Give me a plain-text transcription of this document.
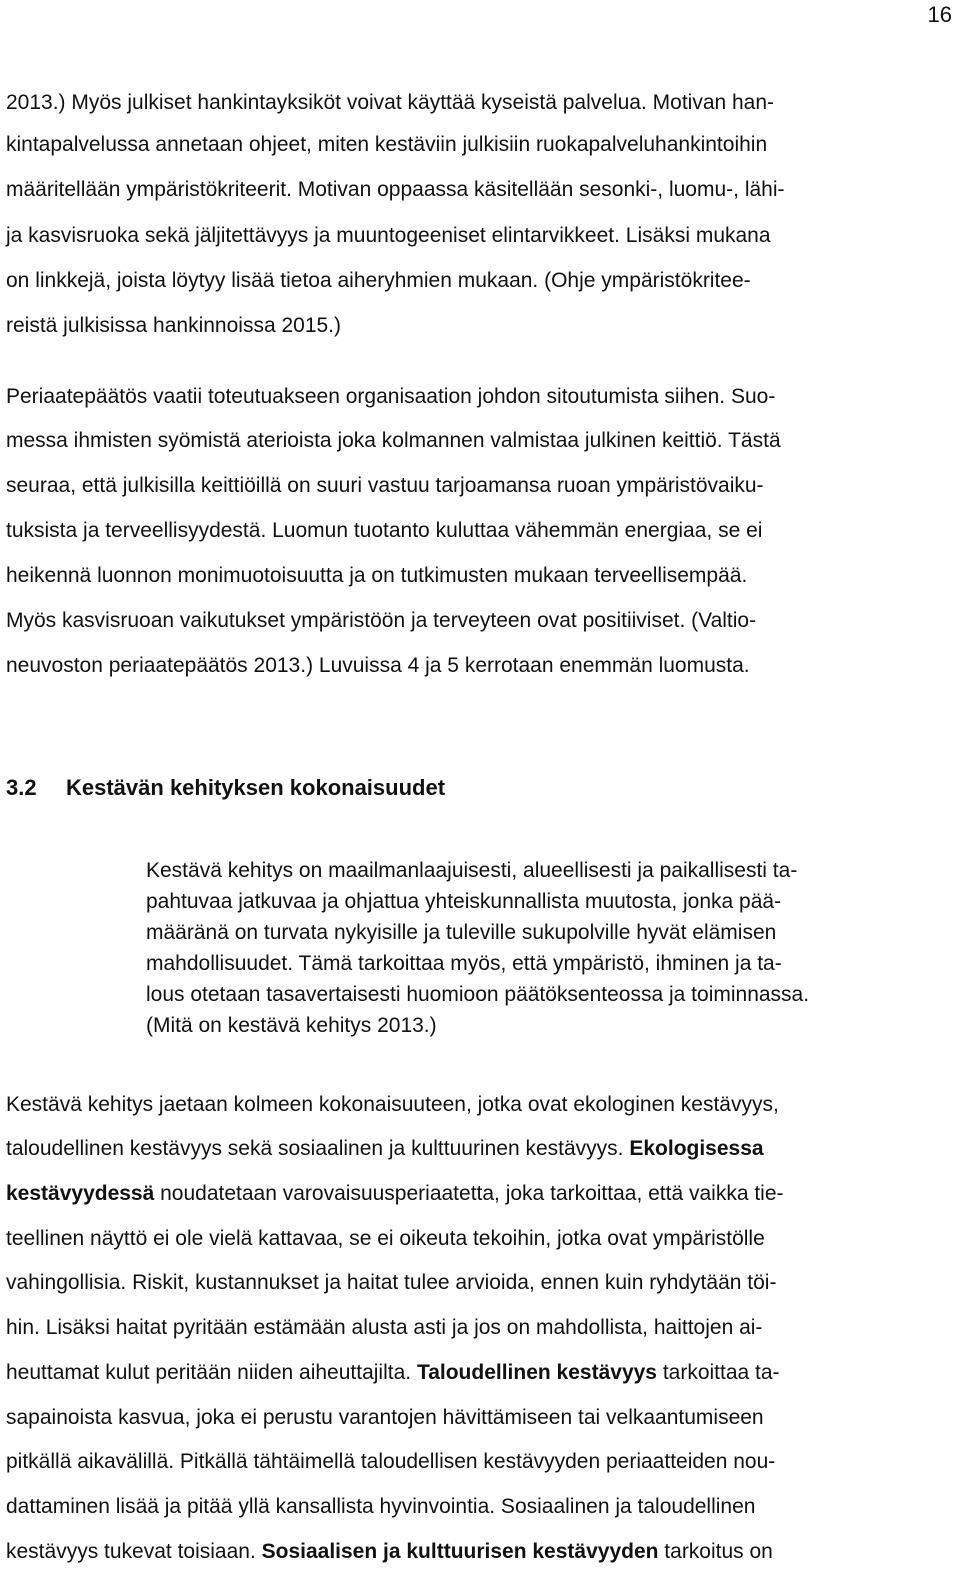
16
2013.) Myös julkiset hankintayksiköt voivat käyttää kyseistä palvelua. Motivan han-
kintapalvelussa annetaan ohjeet, miten kestäviin julkisiin ruokapalveluhankintoihin
määritellään ympäristökriteerit. Motivan oppaassa käsitellään sesonki-, luomu-, lähi-
ja kasvisruoka sekä jäljitettävyys ja muuntogeeniset elintarvikkeet. Lisäksi mukana
on linkkejä, joista löytyy lisää tietoa aiheryhmien mukaan. (Ohje ympäristökritee-
reistä julkisissa hankinnoissa 2015.)
Periaatepäätös vaatii toteutuakseen organisaation johdon sitoutumista siihen. Suo-
messa ihmisten syömistä aterioista joka kolmannen valmistaa julkinen keittiö. Tästä
seuraa, että julkisilla keittiöillä on suuri vastuu tarjoamansa ruoan ympäristövaiku-
tuksista ja terveellisyydestä. Luomun tuotanto kuluttaa vähemmän energiaa, se ei
heikennä luonnon monimuotoisuutta ja on tutkimusten mukaan terveellisempää.
Myös kasvisruoan vaikutukset ympäristöön ja terveyteen ovat positiiviset. (Valtio-
neuvoston periaatepäätös 2013.) Luvuissa 4 ja 5 kerrotaan enemmän luomusta.
3.2 Kestävän kehityksen kokonaisuudet
Kestävä kehitys on maailmanlaajuisesti, alueellisesti ja paikallisesti ta-
pahtuvaa jatkuvaa ja ohjattua yhteiskunnallista muutosta, jonka pää-
määränä on turvata nykyisille ja tuleville sukupolville hyvät elämisen
mahdollisuudet. Tämä tarkoittaa myös, että ympäristö, ihminen ja ta-
lous otetaan tasavertaisesti huomioon päätöksenteossa ja toiminnassa.
(Mitä on kestävä kehitys 2013.)
Kestävä kehitys jaetaan kolmeen kokonaisuuteen, jotka ovat ekologinen kestävyys,
taloudellinen kestävyys sekä sosiaalinen ja kulttuurinen kestävyys. Ekologisessa
kestävyydessä noudatetaan varovaisuusperiaatetta, joka tarkoittaa, että vaikka tie-
teellinen näyttö ei ole vielä kattavaa, se ei oikeuta tekoihin, jotka ovat ympäristölle
vahingollisia. Riskit, kustannukset ja haitat tulee arvioida, ennen kuin ryhdytään töi-
hin. Lisäksi haitat pyritään estämään alusta asti ja jos on mahdollista, haittojen ai-
heuttamat kulut peritään niiden aiheuttajilta. Taloudellinen kestävyys tarkoittaa ta-
sapainoista kasvua, joka ei perustu varantojen hävittämiseen tai velkaantumiseen
pitkällä aikavälillä. Pitkällä tähtäimellä taloudellisen kestävyyden periaatteiden nou-
dattaminen lisää ja pitää yllä kansallista hyvinvointia. Sosiaalinen ja taloudellinen
kestävyys tukevat toisiaan. Sosiaalisen ja kulttuurisen kestävyyden tarkoitus on
